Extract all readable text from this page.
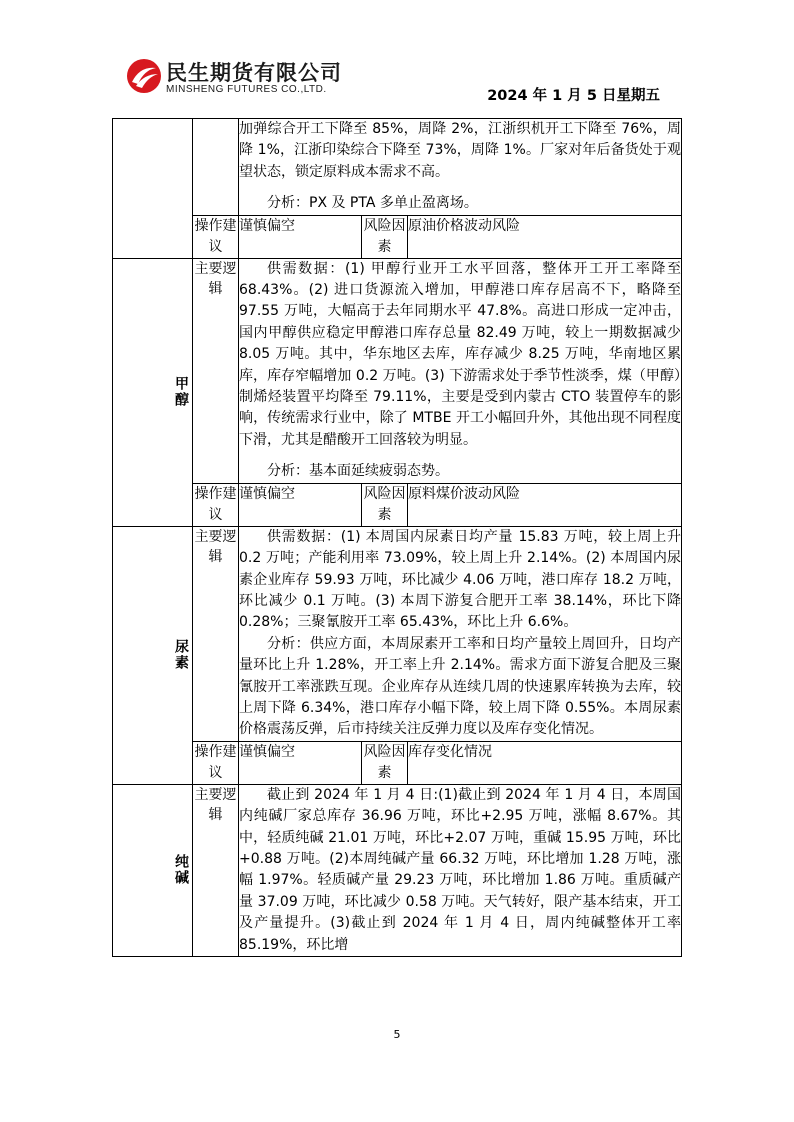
民生期货有限公司
MINSHENG FUTURES CO.,LTD.	2024 年 1 月 5 日星期五

		加弹综合开工下降至 85%，周降 2%，江浙织机开工下降至 76%，周降 1%，江浙印染综合下降至 73%，周降 1%。厂家对年后备货处于观望状态，锁定原料成本需求不高。

分析：PX 及 PTA 多单止盈离场。		

	操作建议	谨慎偏空	风险因素	原油价格波动风险
甲醇	主要逻辑	供需数据：(1) 甲醇行业开工水平回落，整体开工开工率降至 68.43%。(2) 进口货源流入增加，甲醇港口库存居高不下，略降至 97.55 万吨，大幅高于去年同期水平 47.8%。高进口形成一定冲击，国内甲醇供应稳定甲醇港口库存总量 82.49 万吨，较上一期数据减少 8.05 万吨。其中，华东地区去库，库存减少 8.25 万吨，华南地区累库，库存窄幅增加 0.2 万吨。(3) 下游需求处于季节性淡季，煤（甲醇）制烯烃装置平均降至 79.11%，主要是受到内蒙古 CTO 装置停车的影响，传统需求行业中，除了 MTBE 开工小幅回升外，其他出现不同程度下滑，尤其是醋酸开工回落较为明显。

分析：基本面延续疲弱态势。		

	操作建议	谨慎偏空	风险因素	原料煤价波动风险
尿素	主要逻辑	供需数据：(1) 本周国内尿素日均产量 15.83 万吨，较上周上升 0.2 万吨；产能利用率 73.09%，较上周上升 2.14%。(2) 本周国内尿素企业库存 59.93 万吨，环比减少 4.06 万吨，港口库存 18.2 万吨，环比减少 0.1 万吨。(3) 本周下游复合肥开工率 38.14%，环比下降 0.28%；三聚氰胺开工率 65.43%，环比上升 6.6%。

分析：供应方面，本周尿素开工率和日均产量较上周回升，日均产量环比上升 1.28%，开工率上升 2.14%。需求方面下游复合肥及三聚氰胺开工率涨跌互现。企业库存从连续几周的快速累库转换为去库，较上周下降 6.34%，港口库存小幅下降，较上周下降 0.55%。本周尿素价格震荡反弹，后市持续关注反弹力度以及库存变化情况。		

	操作建议	谨慎偏空	风险因素	库存变化情况
纯碱	主要逻辑	截止到 2024 年 1 月 4 日:(1)截止到 2024 年 1 月 4 日，本周国内纯碱厂家总库存 36.96 万吨，环比+2.95 万吨，涨幅 8.67%。其中，轻质纯碱 21.01 万吨，环比+2.07 万吨，重碱 15.95 万吨，环比+0.88 万吨。(2)本周纯碱产量 66.32 万吨，环比增加 1.28 万吨，涨幅 1.97%。轻质碱产量 29.23 万吨，环比增加 1.86 万吨。重质碱产量 37.09 万吨，环比减少 0.58 万吨。天气转好，限产基本结束，开工及产量提升。(3)截止到 2024 年 1 月 4 日，周内纯碱整体开工率 85.19%，环比增		

5
